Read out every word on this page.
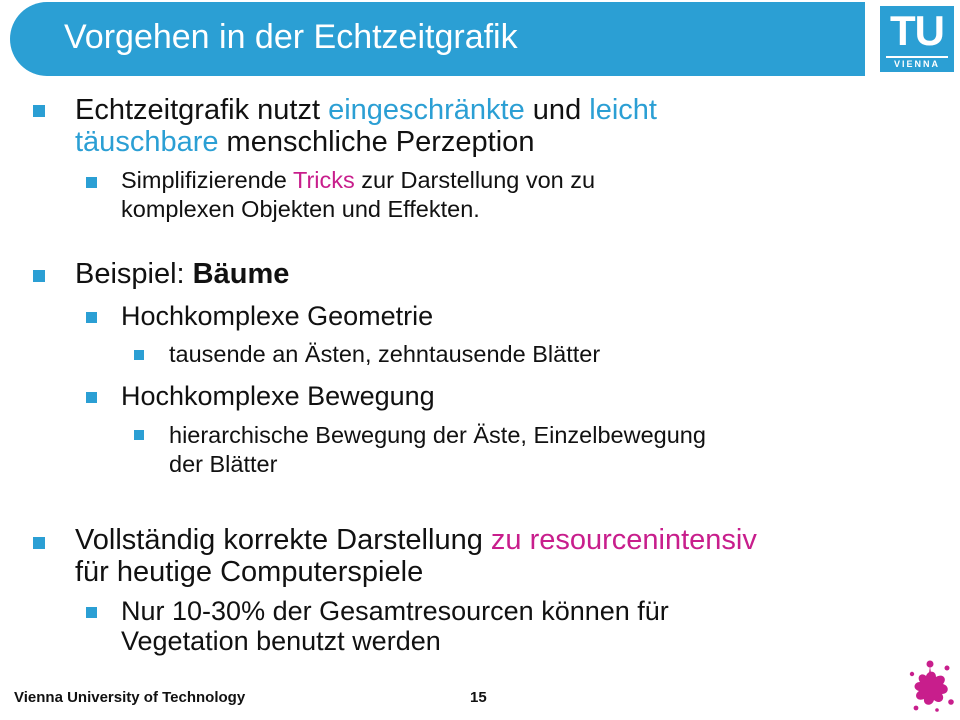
Vorgehen in der Echtzeitgrafik	TU
VIENNA
Echtzeitgrafik nutzt eingeschränkte und leicht
täuschbare menschliche Perzeption
Simplifizierende Tricks zur Darstellung von zu
komplexen Objekten und Effekten.
Beispiel: Bäume
Hochkomplexe Geometrie
tausende an Ästen, zehntausende Blätter
Hochkomplexe Bewegung
hierarchische Bewegung der Äste, Einzelbewegung
der Blätter
Vollständig korrekte Darstellung zu resourcenintensiv
für heutige Computerspiele
Nur 10-30% der Gesamtresourcen können für
Vegetation benutzt werden
Vienna University of Technology	15
